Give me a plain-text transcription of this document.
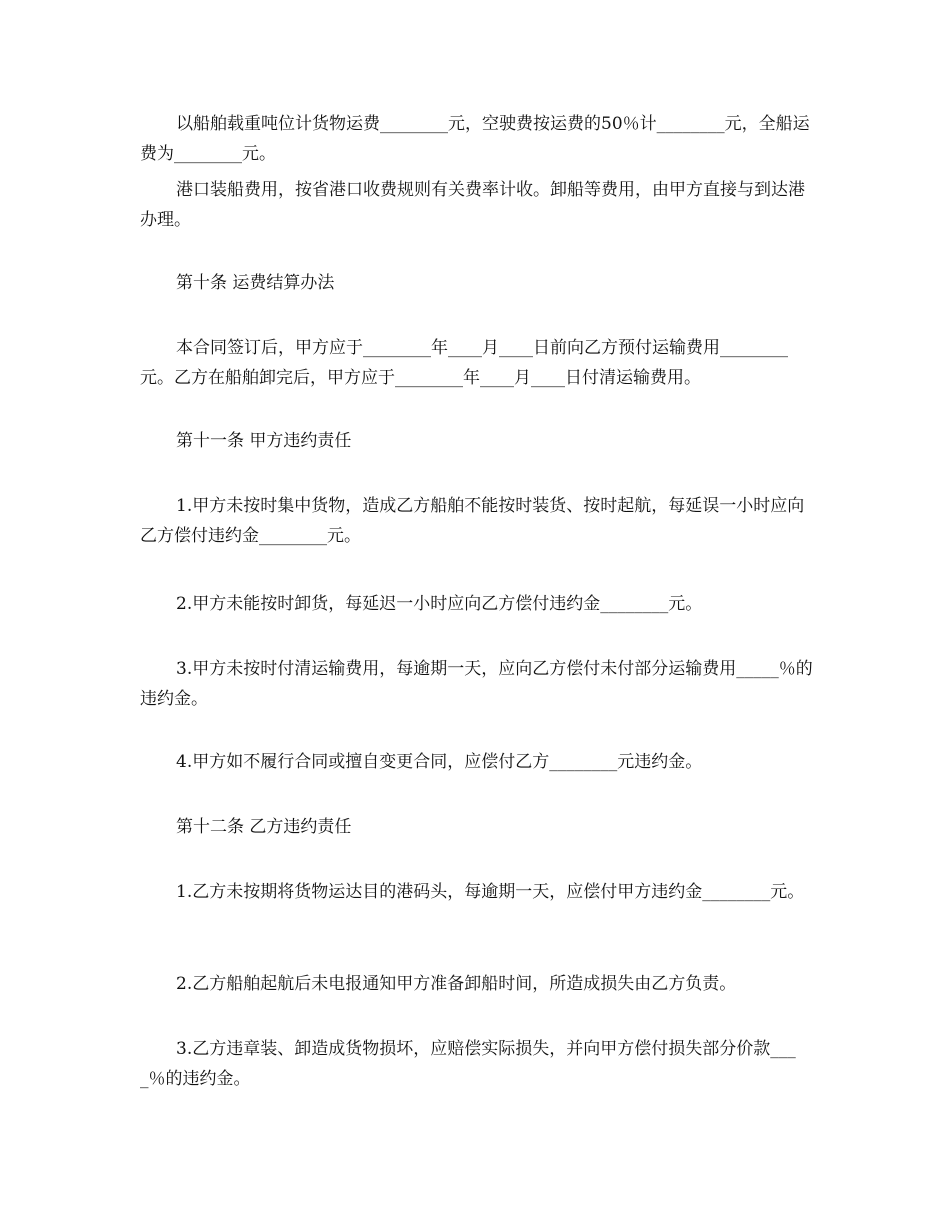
以船舶载重吨位计货物运费________元，空驶费按运费的50％计________元，全船运费为________元。

港口装船费用，按省港口收费规则有关费率计收。卸船等费用，由甲方直接与到达港办理。

第十条 运费结算办法

本合同签订后，甲方应于________年____月____日前向乙方预付运输费用________元。乙方在船舶卸完后，甲方应于________年____月____日付清运输费用。

第十一条 甲方违约责任

1.甲方未按时集中货物，造成乙方船舶不能按时装货、按时起航，每延误一小时应向乙方偿付违约金________元。

2.甲方未能按时卸货，每延迟一小时应向乙方偿付违约金________元。

3.甲方未按时付清运输费用，每逾期一天，应向乙方偿付未付部分运输费用_____％的违约金。

4.甲方如不履行合同或擅自变更合同，应偿付乙方________元违约金。

第十二条 乙方违约责任

1.乙方未按期将货物运达目的港码头，每逾期一天，应偿付甲方违约金________元。

2.乙方船舶起航后未电报通知甲方准备卸船时间，所造成损失由乙方负责。

3.乙方违章装、卸造成货物损坏，应赔偿实际损失，并向甲方偿付损失部分价款____％的违约金。
